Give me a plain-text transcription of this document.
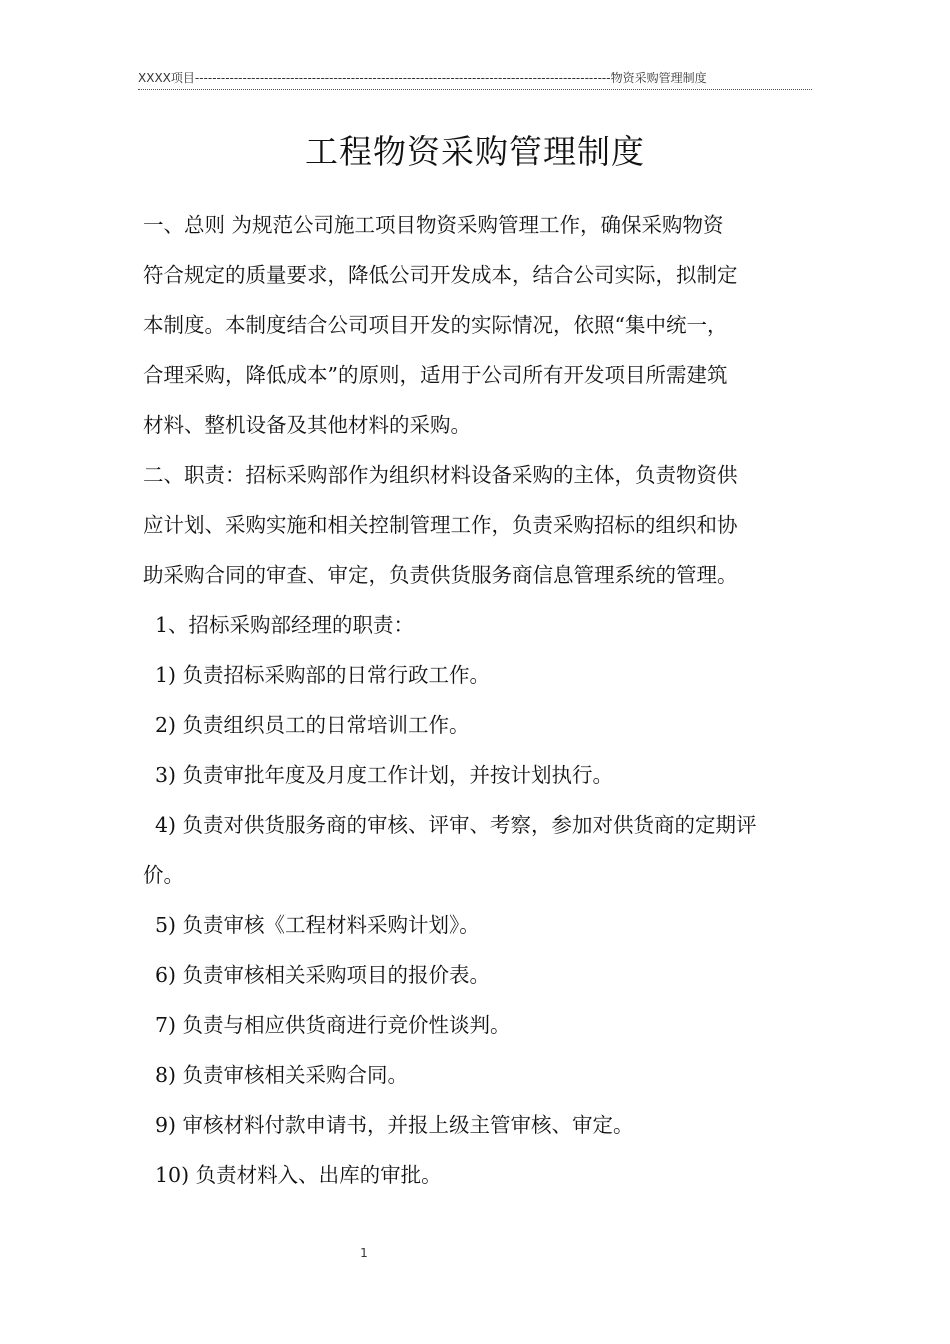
XXXX项目------------------------------------------------------------------------------------------------物资采购管理制度
工程物资采购管理制度
一、总则 为规范公司施工项目物资采购管理工作，确保采购物资
符合规定的质量要求，降低公司开发成本，结合公司实际，拟制定
本制度。本制度结合公司项目开发的实际情况，依照“集中统一，
合理采购，降低成本”的原则，适用于公司所有开发项目所需建筑
材料、整机设备及其他材料的采购。
二、职责：招标采购部作为组织材料设备采购的主体，负责物资供
应计划、采购实施和相关控制管理工作，负责采购招标的组织和协
助采购合同的审查、审定，负责供货服务商信息管理系统的管理。
1、招标采购部经理的职责：
1) 负责招标采购部的日常行政工作。
2) 负责组织员工的日常培训工作。
3) 负责审批年度及月度工作计划，并按计划执行。
4) 负责对供货服务商的审核、评审、考察，参加对供货商的定期评
价。
5) 负责审核《工程材料采购计划》。
6) 负责审核相关采购项目的报价表。
7) 负责与相应供货商进行竞价性谈判。
8) 负责审核相关采购合同。
9) 审核材料付款申请书，并报上级主管审核、审定。
10) 负责材料入、出库的审批。
1
